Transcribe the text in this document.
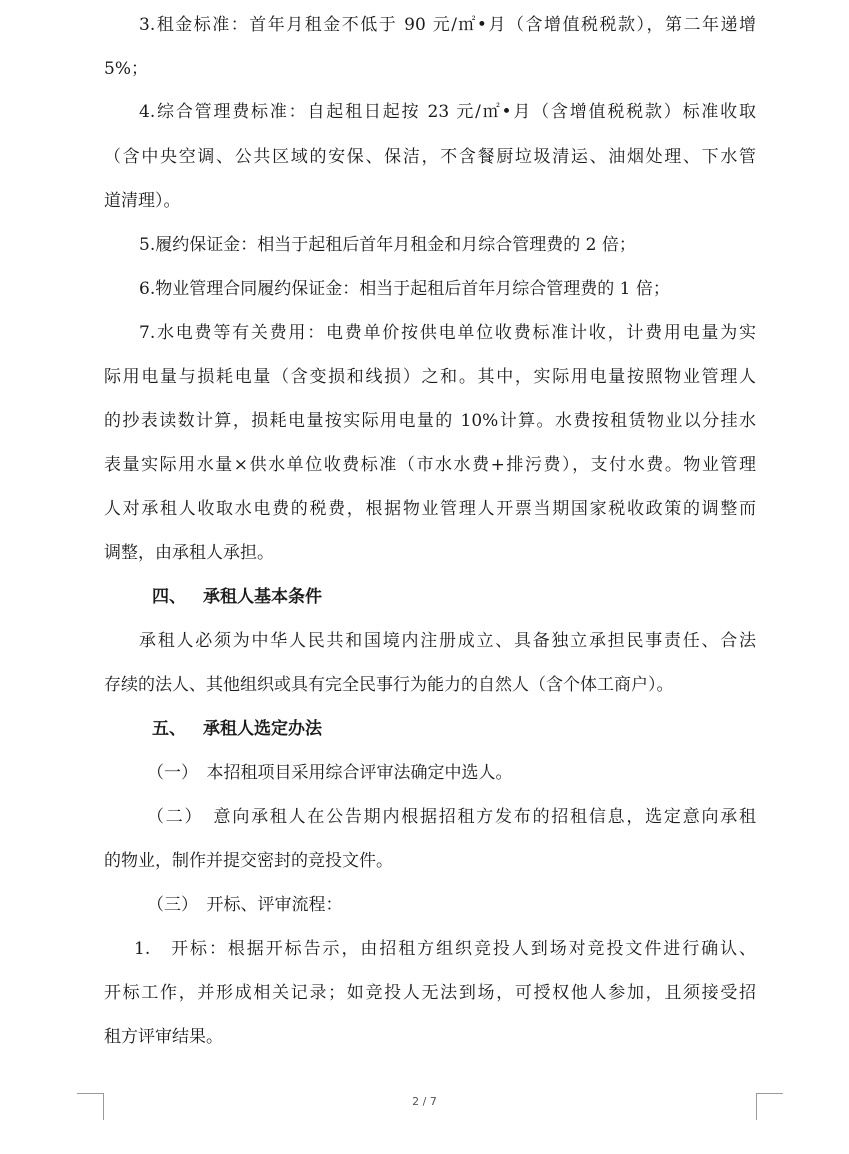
3.租金标准：首年月租金不低于 90 元/㎡•月（含增值税税款），第二年递增
5%；
4.综合管理费标准：自起租日起按 23 元/㎡•月（含增值税税款）标准收取
（含中央空调、公共区域的安保、保洁，不含餐厨垃圾清运、油烟处理、下水管
道清理）。
5.履约保证金：相当于起租后首年月租金和月综合管理费的 2 倍；
6.物业管理合同履约保证金：相当于起租后首年月综合管理费的 1 倍；
7.水电费等有关费用：电费单价按供电单位收费标准计收，计费用电量为实
际用电量与损耗电量（含变损和线损）之和。其中，实际用电量按照物业管理人
的抄表读数计算，损耗电量按实际用电量的 10%计算。水费按租赁物业以分挂水
表量实际用水量×供水单位收费标准（市水水费+排污费），支付水费。物业管理
人对承租人收取水电费的税费，根据物业管理人开票当期国家税收政策的调整而
调整，由承租人承担。
四、 承租人基本条件
承租人必须为中华人民共和国境内注册成立、具备独立承担民事责任、合法
存续的法人、其他组织或具有完全民事行为能力的自然人（含个体工商户）。
五、 承租人选定办法
（一）　本招租项目采用综合评审法确定中选人。
（二）　意向承租人在公告期内根据招租方发布的招租信息，选定意向承租
的物业，制作并提交密封的竞投文件。
（三）　开标、评审流程：
1.　开标：根据开标告示，由招租方组织竞投人到场对竞投文件进行确认、
开标工作，并形成相关记录；如竞投人无法到场，可授权他人参加，且须接受招
租方评审结果。
2 / 7
